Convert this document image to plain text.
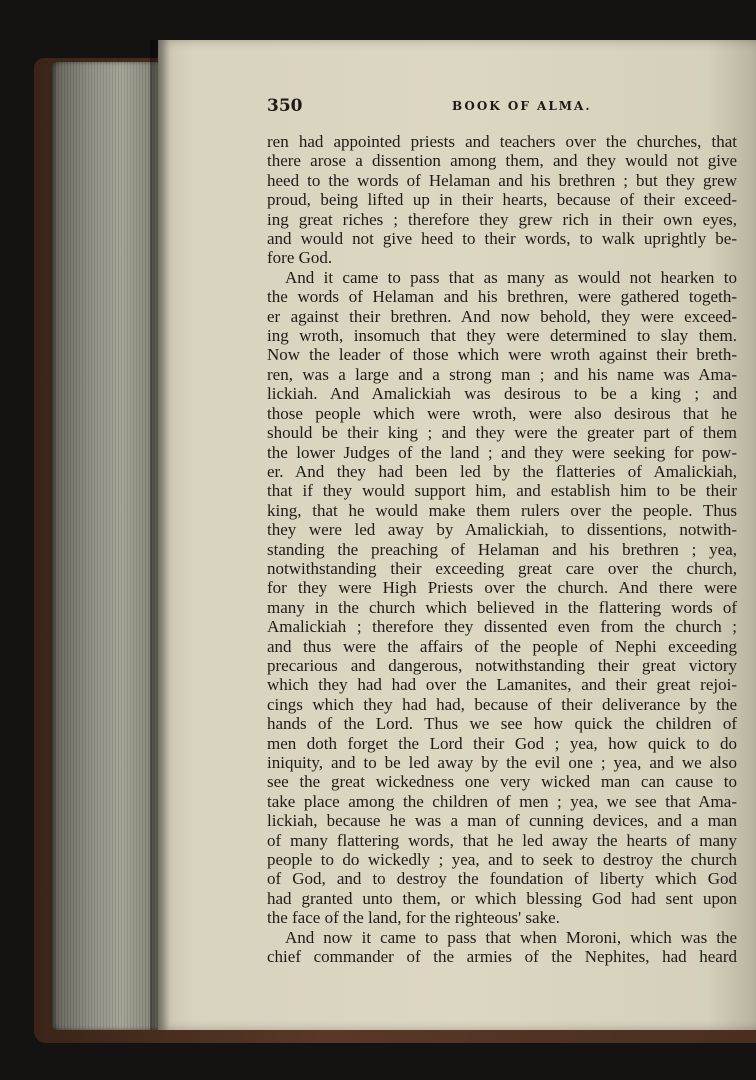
350	BOOK OF ALMA.
ren had appointed priests and teachers over the churches, that
there arose a dissention among them, and they would not give
heed to the words of Helaman and his brethren ; but they grew
proud, being lifted up in their hearts, because of their exceed-
ing great riches ; therefore they grew rich in their own eyes,
and would not give heed to their words, to walk uprightly be-
fore God.
And it came to pass that as many as would not hearken to
the words of Helaman and his brethren, were gathered togeth-
er against their brethren. And now behold, they were exceed-
ing wroth, insomuch that they were determined to slay them.
Now the leader of those which were wroth against their breth-
ren, was a large and a strong man ; and his name was Ama-
lickiah. And Amalickiah was desirous to be a king ; and
those people which were wroth, were also desirous that he
should be their king ; and they were the greater part of them
the lower Judges of the land ; and they were seeking for pow-
er. And they had been led by the flatteries of Amalickiah,
that if they would support him, and establish him to be their
king, that he would make them rulers over the people. Thus
they were led away by Amalickiah, to dissentions, notwith-
standing the preaching of Helaman and his brethren ; yea,
notwithstanding their exceeding great care over the church,
for they were High Priests over the church. And there were
many in the church which believed in the flattering words of
Amalickiah ; therefore they dissented even from the church ;
and thus were the affairs of the people of Nephi exceeding
precarious and dangerous, notwithstanding their great victory
which they had had over the Lamanites, and their great rejoi-
cings which they had had, because of their deliverance by the
hands of the Lord. Thus we see how quick the children of
men doth forget the Lord their God ; yea, how quick to do
iniquity, and to be led away by the evil one ; yea, and we also
see the great wickedness one very wicked man can cause to
take place among the children of men ; yea, we see that Ama-
lickiah, because he was a man of cunning devices, and a man
of many flattering words, that he led away the hearts of many
people to do wickedly ; yea, and to seek to destroy the church
of God, and to destroy the foundation of liberty which God
had granted unto them, or which blessing God had sent upon
the face of the land, for the righteous' sake.
And now it came to pass that when Moroni, which was the
chief commander of the armies of the Nephites, had heard
